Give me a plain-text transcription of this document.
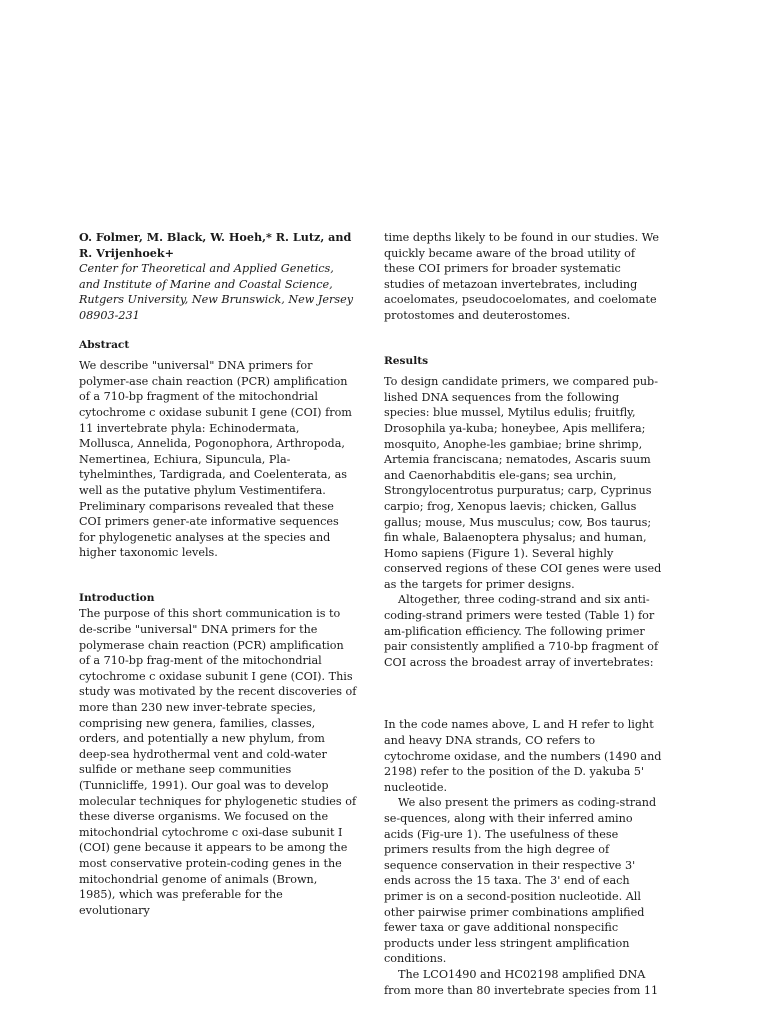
O. Folmer, M. Black, W. Hoeh,* R. Lutz, and

R. Vrijenhoek+

Center for Theoretical and Applied Genetics, and Institute of Marine and Coastal Science, Rutgers University, New Brunswick, New Jersey 08903-231

Abstract

We describe "universal" DNA primers for polymer-ase chain reaction (PCR) amplification of a 710-bp fragment of the mitochondrial cytochrome c oxidase subunit I gene (COI) from 11 invertebrate phyla: Echinodermata, Mollusca, Annelida, Pogonophora, Arthropoda, Nemertinea, Echiura, Sipuncula, Pla-tyhelminthes, Tardigrada, and Coelenterata, as well as the putative phylum Vestimentifera. Preliminary comparisons revealed that these COI primers gener-ate informative sequences for phylogenetic analyses at the species and higher taxonomic levels.

Introduction

The purpose of this short communication is to de-scribe "universal" DNA primers for the polymerase chain reaction (PCR) amplification of a 710-bp frag-ment of the mitochondrial cytochrome c oxidase subunit I gene (COI). This study was motivated by the recent discoveries of more than 230 new inver-tebrate species, comprising new genera, families, classes, orders, and potentially a new phylum, from deep-sea hydrothermal vent and cold-water sulfide or methane seep communities (Tunnicliffe, 1991). Our goal was to develop molecular techniques for phylogenetic studies of these diverse organisms. We focused on the mitochondrial cytochrome c oxi-dase subunit I (COI) gene because it appears to be among the most conservative protein-coding genes in the mitochondrial genome of animals (Brown, 1985), which was preferable for the evolutionary

time depths likely to be found in our studies. We quickly became aware of the broad utility of these COI primers for broader systematic studies of metazoan invertebrates, including acoelomates, pseudocoelomates, and coelomate protostomes and deuterostomes.

Results

To design candidate primers, we compared pub-lished DNA sequences from the following species: blue mussel, Mytilus edulis; fruitfly, Drosophila ya-kuba; honeybee, Apis mellifera; mosquito, Anophe-les gambiae; brine shrimp, Artemia franciscana; nematodes, Ascaris suum and Caenorhabditis ele-gans; sea urchin, Strongylocentrotus purpuratus; carp, Cyprinus carpio; frog, Xenopus laevis; chicken, Gallus gallus; mouse, Mus musculus; cow, Bos taurus; fin whale, Balaenoptera physalus; and human, Homo sapiens (Figure 1). Several highly conserved regions of these COI genes were used as the targets for primer designs.

Altogether, three coding-strand and six anti-coding-strand primers were tested (Table 1) for am-plification efficiency. The following primer pair consistently amplified a 710-bp fragment of COI across the broadest array of invertebrates:

In the code names above, L and H refer to light and heavy DNA strands, CO refers to cytochrome oxidase, and the numbers (1490 and 2198) refer to the position of the D. yakuba 5' nucleotide.

We also present the primers as coding-strand se-quences, along with their inferred amino acids (Fig-ure 1). The usefulness of these primers results from the high degree of sequence conservation in their respective 3' ends across the 15 taxa. The 3' end of each primer is on a second-position nucleotide. All other pairwise primer combinations amplified fewer taxa or gave additional nonspecific products under less stringent amplification conditions.

The LCO1490 and HC02198 amplified DNA from more than 80 invertebrate species from 11
